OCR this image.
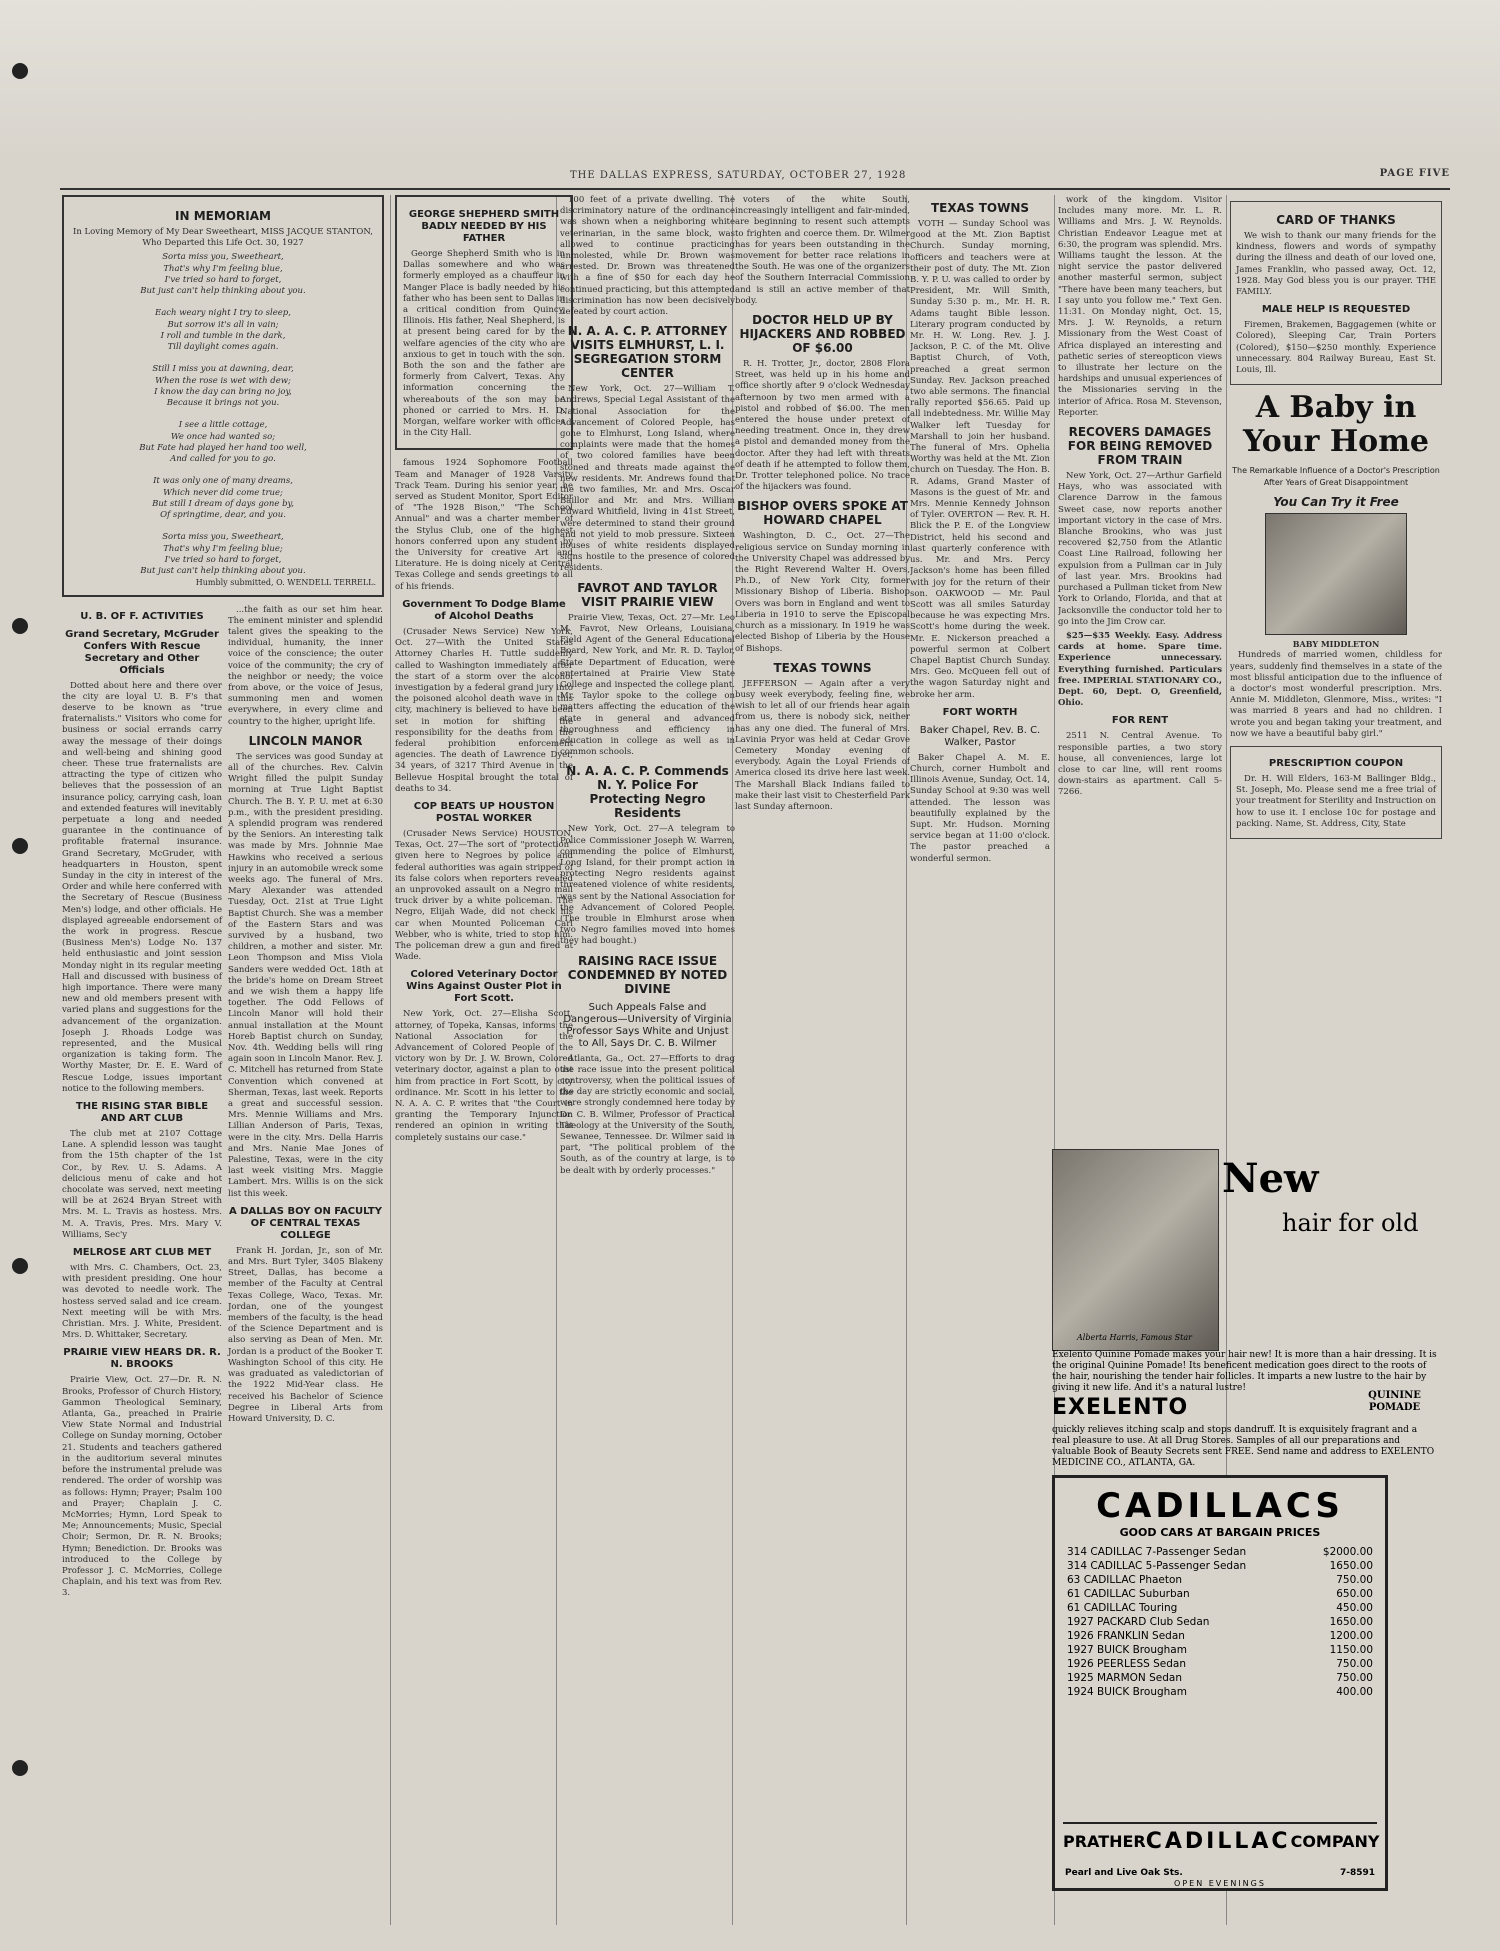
THE DALLAS EXPRESS, SATURDAY, OCTOBER 27, 1928	PAGE FIVE
IN MEMORIAM

In Loving Memory of My Dear Sweetheart, MISS JACQUE STANTON, Who Departed this Life Oct. 30, 1927

Sorta miss you, Sweetheart,
That's why I'm feeling blue,
I've tried so hard to forget,
But just can't help thinking about you.

Each weary night I try to sleep,
But sorrow it's all in vain;
I roll and tumble in the dark,
Till daylight comes again.

Still I miss you at dawning, dear,
When the rose is wet with dew;
I know the day can bring no joy,
Because it brings not you.

I see a little cottage,
We once had wanted so;
But Fate had played her hand too well,
And called for you to go.

It was only one of many dreams,
Which never did come true;
But still I dream of days gone by,
Of springtime, dear, and you.

Sorta miss you, Sweetheart,
That's why I'm feeling blue;
I've tried so hard to forget,
But just can't help thinking about you.
Humbly submitted, O. WENDELL TERRELL.
U. B. OF F. ACTIVITIES
Grand Secretary, McGruder Confers With Rescue Secretary and Other Officials

Dotted about here and there over the city are loyal U. B. F's that deserve to be known as "true fraternalists." Visitors who come for business or social errands carry away the message of their doings and well-being and shining good cheer. These true fraternalists are attracting the type of citizen who believes that the possession of an insurance policy, carrying cash, loan and extended features will inevitably perpetuate a long and needed guarantee in the continuance of profitable fraternal insurance. Grand Secretary, McGruder, with headquarters in Houston, spent Sunday in the city in interest of the Order and while here conferred with the Secretary of Rescue (Business Men's) lodge, and other officials. He displayed agreeable endorsement of the work in progress. Rescue (Business Men's) Lodge No. 137 held enthusiastic and joint session Monday night in its regular meeting Hall and discussed with business of high importance. There were many new and old members present with varied plans and suggestions for the advancement of the organization. Joseph J. Rhoads Lodge was represented, and the Musical organization is taking form. The Worthy Master, Dr. E. E. Ward of Rescue Lodge, issues important notice to the following members.

THE RISING STAR BIBLE AND ART CLUB

The club met at 2107 Cottage Lane. A splendid lesson was taught from the 15th chapter of the 1st Cor., by Rev. U. S. Adams. A delicious menu of cake and hot chocolate was served, next meeting will be at 2624 Bryan Street with Mrs. M. L. Travis as hostess. Mrs. M. A. Travis, Pres. Mrs. Mary V. Williams, Sec'y

MELROSE ART CLUB MET

with Mrs. C. Chambers, Oct. 23, with president presiding. One hour was devoted to needle work. The hostess served salad and ice cream. Next meeting will be with Mrs. Christian. Mrs. J. White, President. Mrs. D. Whittaker, Secretary.

PRAIRIE VIEW HEARS DR. R. N. BROOKS

Prairie View, Oct. 27—Dr. R. N. Brooks, Professor of Church History, Gammon Theological Seminary, Atlanta, Ga., preached in Prairie View State Normal and Industrial College on Sunday morning, October 21. Students and teachers gathered in the auditorium several minutes before the instrumental prelude was rendered. The order of worship was as follows: Hymn; Prayer; Psalm 100 and Prayer; Chaplain J. C. McMorries; Hymn, Lord Speak to Me; Announcements; Music, Special Choir; Sermon, Dr. R. N. Brooks; Hymn; Benediction. Dr. Brooks was introduced to the College by Professor J. C. McMorries, College Chaplain, and his text was from Rev. 3.

...the faith as our set him hear. The eminent minister and splendid talent gives the speaking to the individual, humanity, the inner voice of the conscience; the outer voice of the community; the cry of the neighbor or needy; the voice from above, or the voice of Jesus, summoning men and women everywhere, in every clime and country to the higher, upright life.

LINCOLN MANOR

The services was good Sunday at all of the churches. Rev. Calvin Wright filled the pulpit Sunday morning at True Light Baptist Church. The B. Y. P. U. met at 6:30 p.m., with the president presiding. A splendid program was rendered by the Seniors. An interesting talk was made by Mrs. Johnnie Mae Hawkins who received a serious injury in an automobile wreck some weeks ago. The funeral of Mrs. Mary Alexander was attended Tuesday, Oct. 21st at True Light Baptist Church. She was a member of the Eastern Stars and was survived by a husband, two children, a mother and sister. Mr. Leon Thompson and Miss Viola Sanders were wedded Oct. 18th at the bride's home on Dream Street and we wish them a happy life together. The Odd Fellows of Lincoln Manor will hold their annual installation at the Mount Horeb Baptist church on Sunday, Nov. 4th. Wedding bells will ring again soon in Lincoln Manor. Rev. J. C. Mitchell has returned from State Convention which convened at Sherman, Texas, last week. Reports a great and successful session. Mrs. Mennie Williams and Mrs. Lillian Anderson of Paris, Texas, were in the city. Mrs. Della Harris and Mrs. Nanie Mae Jones of Palestine, Texas, were in the city last week visiting Mrs. Maggie Lambert. Mrs. Willis is on the sick list this week.

A DALLAS BOY ON FACULTY OF CENTRAL TEXAS COLLEGE

Frank H. Jordan, Jr., son of Mr. and Mrs. Burt Tyler, 3405 Blakeny Street, Dallas, has become a member of the Faculty at Central Texas College, Waco, Texas. Mr. Jordan, one of the youngest members of the faculty, is the head of the Science Department and is also serving as Dean of Men. Mr. Jordan is a product of the Booker T. Washington School of this city. He was graduated as valedictorian of the 1922 Mid-Year class. He received his Bachelor of Science Degree in Liberal Arts from Howard University, D. C.

GEORGE SHEPHERD SMITH BADLY NEEDED BY HIS FATHER

George Shepherd Smith who is in Dallas somewhere and who was formerly employed as a chauffeur in Manger Place is badly needed by his father who has been sent to Dallas in a critical condition from Quincy, Illinois. His father, Neal Shepherd, is at present being cared for by the welfare agencies of the city who are anxious to get in touch with the son. Both the son and the father are formerly from Calvert, Texas. Any information concerning the whereabouts of the son may be phoned or carried to Mrs. H. D. Morgan, welfare worker with offices in the City Hall.

famous 1924 Sophomore Football Team and Manager of 1928 Varsity Track Team. During his senior year, he served as Student Monitor, Sport Editor of "The 1928 Bison," "The School Annual" and was a charter member of the Stylus Club, one of the highest honors conferred upon any student by the University for creative Art and Literature. He is doing nicely at Central Texas College and sends greetings to all of his friends.

Government To Dodge Blame of Alcohol Deaths

(Crusader News Service) New York, Oct. 27—With the United States Attorney Charles H. Tuttle suddenly called to Washington immediately after the start of a storm over the alcohol investigation by a federal grand jury into the poisoned alcohol death wave in this city, machinery is believed to have been set in motion for shifting the responsibility for the deaths from the federal prohibition enforcement agencies. The death of Lawrence Dyer, 34 years, of 3217 Third Avenue in the Bellevue Hospital brought the total of deaths to 34.

COP BEATS UP HOUSTON POSTAL WORKER

(Crusader News Service) HOUSTON, Texas, Oct. 27—The sort of "protection" given here to Negroes by police and federal authorities was again stripped of its false colors when reporters revealed an unprovoked assault on a Negro mail truck driver by a white policeman. The Negro, Elijah Wade, did not check his car when Mounted Policeman Carl Webber, who is white, tried to stop him. The policeman drew a gun and fired at Wade.

Colored Veterinary Doctor Wins Against Ouster Plot in Fort Scott.

New York, Oct. 27—Elisha Scott, attorney, of Topeka, Kansas, informs the National Association for the Advancement of Colored People of the victory won by Dr. J. W. Brown, Colored veterinary doctor, against a plan to oust him from practice in Fort Scott, by city ordinance. Mr. Scott in his letter to the N. A. A. C. P. writes that "the Court in granting the Temporary Injunction rendered an opinion in writing that completely sustains our case."

100 feet of a private dwelling. The discriminatory nature of the ordinance was shown when a neighboring white veterinarian, in the same block, was allowed to continue practicing unmolested, while Dr. Brown was arrested. Dr. Brown was threatened with a fine of $50 for each day he continued practicing, but this attempted discrimination has now been decisively defeated by court action.

N. A. A. C. P. ATTORNEY VISITS ELMHURST, L. I. SEGREGATION STORM CENTER

New York, Oct. 27—William T. Andrews, Special Legal Assistant of the National Association for the Advancement of Colored People, has gone to Elmhurst, Long Island, where complaints were made that the homes of two colored families have been stoned and threats made against the new residents. Mr. Andrews found that the two families, Mr. and Mrs. Oscar Baillor and Mr. and Mrs. William Edward Whitfield, living in 41st Street, were determined to stand their ground and not yield to mob pressure. Sixteen houses of white residents displayed signs hostile to the presence of colored residents.

FAVROT AND TAYLOR VISIT PRAIRIE VIEW

Prairie View, Texas, Oct. 27—Mr. Leo M. Favrot, New Orleans, Louisiana, Field Agent of the General Educational Board, New York, and Mr. R. D. Taylor, State Department of Education, were entertained at Prairie View State College and inspected the college plant. Mr. Taylor spoke to the college on matters affecting the education of the state in general and advanced thoroughness and efficiency in education in college as well as in common schools.

N. A. A. C. P. Commends N. Y. Police For Protecting Negro Residents

New York, Oct. 27—A telegram to Police Commissioner Joseph W. Warren, commending the police of Elmhurst, Long Island, for their prompt action in protecting Negro residents against threatened violence of white residents, was sent by the National Association for the Advancement of Colored People. (The trouble in Elmhurst arose when two Negro families moved into homes they had bought.)

RAISING RACE ISSUE CONDEMNED BY NOTED DIVINE
Such Appeals False and Dangerous—University of Virginia Professor Says White and Unjust to All, Says Dr. C. B. Wilmer

Atlanta, Ga., Oct. 27—Efforts to drag the race issue into the present political controversy, when the political issues of the day are strictly economic and social, were strongly condemned here today by Dr. C. B. Wilmer, Professor of Practical Theology at the University of the South, Sewanee, Tennessee. Dr. Wilmer said in part, "The political problem of the South, as of the country at large, is to be dealt with by orderly processes."

voters of the white South, increasingly intelligent and fair-minded, are beginning to resent such attempts to frighten and coerce them. Dr. Wilmer has for years been outstanding in the movement for better race relations in the South. He was one of the organizers of the Southern Interracial Commission and is still an active member of that body.

DOCTOR HELD UP BY HIJACKERS AND ROBBED OF $6.00

R. H. Trotter, Jr., doctor, 2808 Flora Street, was held up in his home and office shortly after 9 o'clock Wednesday afternoon by two men armed with a pistol and robbed of $6.00. The men entered the house under pretext of needing treatment. Once in, they drew a pistol and demanded money from the doctor. After they had left with threats of death if he attempted to follow them, Dr. Trotter telephoned police. No trace of the hijackers was found.

BISHOP OVERS SPOKE AT HOWARD CHAPEL

Washington, D. C., Oct. 27—The religious service on Sunday morning in the University Chapel was addressed by the Right Reverend Walter H. Overs, Ph.D., of New York City, former Missionary Bishop of Liberia. Bishop Overs was born in England and went to Liberia in 1910 to serve the Episcopal church as a missionary. In 1919 he was elected Bishop of Liberia by the House of Bishops.

TEXAS TOWNS

JEFFERSON — Again after a very busy week everybody, feeling fine, we wish to let all of our friends hear again from us, there is nobody sick, neither has any one died. The funeral of Mrs. Lavinia Pryor was held at Cedar Grove Cemetery Monday evening of everybody. Again the Loyal Friends of America closed its drive here last week. The Marshall Black Indians failed to make their last visit to Chesterfield Park last Sunday afternoon.

TEXAS TOWNS

VOTH — Sunday School was good at the Mt. Zion Baptist Church. Sunday morning, officers and teachers were at their post of duty. The Mt. Zion B. Y. P. U. was called to order by President, Mr. Will Smith, Sunday 5:30 p. m., Mr. H. R. Adams taught Bible lesson. Literary program conducted by Mr. H. W. Long. Rev. J. J. Jackson, P. C. of the Mt. Olive Baptist Church, of Voth, preached a great sermon Sunday. Rev. Jackson preached two able sermons. The financial rally reported $56.65. Paid up all indebtedness. Mr. Willie May Walker left Tuesday for Marshall to join her husband. The funeral of Mrs. Ophelia Worthy was held at the Mt. Zion church on Tuesday. The Hon. B. R. Adams, Grand Master of Masons is the guest of Mr. and Mrs. Mennie Kennedy Johnson of Tyler. OVERTON — Rev. R. H. Blick the P. E. of the Longview District, held his second and last quarterly conference with us. Mr. and Mrs. Percy Jackson's home has been filled with joy for the return of their son. OAKWOOD — Mr. Paul Scott was all smiles Saturday because he was expecting Mrs. Scott's home during the week. Mr. E. Nickerson preached a powerful sermon at Colbert Chapel Baptist Church Sunday. Mrs. Geo. McQueen fell out of the wagon Saturday night and broke her arm.

FORT WORTH
Baker Chapel, Rev. B. C. Walker, Pastor

Baker Chapel A. M. E. Church, corner Humbolt and Illinois Avenue, Sunday, Oct. 14, Sunday School at 9:30 was well attended. The lesson was beautifully explained by the Supt. Mr. Hudson. Morning service began at 11:00 o'clock. The pastor preached a wonderful sermon.

work of the kingdom. Visitor Includes many more. Mr. L. R. Williams and Mrs. J. W. Reynolds. Christian Endeavor League met at 6:30, the program was splendid. Mrs. Williams taught the lesson. At the night service the pastor delivered another masterful sermon, subject "There have been many teachers, but I say unto you follow me." Text Gen. 11:31. On Monday night, Oct. 15, Mrs. J. W. Reynolds, a return Missionary from the West Coast of Africa displayed an interesting and pathetic series of stereopticon views to illustrate her lecture on the hardships and unusual experiences of the Missionaries serving in the interior of Africa. Rosa M. Stevenson, Reporter.

RECOVERS DAMAGES FOR BEING REMOVED FROM TRAIN

New York, Oct. 27—Arthur Garfield Hays, who was associated with Clarence Darrow in the famous Sweet case, now reports another important victory in the case of Mrs. Blanche Brookins, who was just recovered $2,750 from the Atlantic Coast Line Railroad, following her expulsion from a Pullman car in July of last year. Mrs. Brookins had purchased a Pullman ticket from New York to Orlando, Florida, and that at Jacksonville the conductor told her to go into the Jim Crow car.

$25—$35 Weekly. Easy. Address cards at home. Spare time. Experience unnecessary. Everything furnished. Particulars free. IMPERIAL STATIONARY CO., Dept. 60, Dept. O, Greenfield, Ohio.

FOR RENT

2511 N. Central Avenue. To responsible parties, a two story house, all conveniences, large lot close to car line, will rent rooms down-stairs as apartment. Call 5-7266.

CARD OF THANKS

We wish to thank our many friends for the kindness, flowers and words of sympathy during the illness and death of our loved one, James Franklin, who passed away, Oct. 12, 1928. May God bless you is our prayer. THE FAMILY.

MALE HELP IS REQUESTED

Firemen, Brakemen, Baggagemen (white or Colored), Sleeping Car, Train Porters (Colored), $150—$250 monthly. Experience unnecessary. 804 Railway Bureau, East St. Louis, Ill.

A Baby in Your Home
The Remarkable Influence of a Doctor's Prescription After Years of Great Disappointment
You Can Try it Free
BABY MIDDLETON

Hundreds of married women, childless for years, suddenly find themselves in a state of the most blissful anticipation due to the influence of a doctor's most wonderful prescription. Mrs. Annie M. Middleton, Glenmore, Miss., writes: "I was married 8 years and had no children. I wrote you and began taking your treatment, and now we have a beautiful baby girl."

PRESCRIPTION COUPON

Dr. H. Will Elders, 163-M Ballinger Bldg., St. Joseph, Mo. Please send me a free trial of your treatment for Sterility and Instruction on how to use it. I enclose 10c for postage and packing. Name, St. Address, City, State

Alberta Harris, Famous Star
New
hair for old
Exelento Quinine Pomade makes your hair new! It is more than a hair dressing. It is the original Quinine Pomade! Its beneficent medication goes direct to the roots of the hair, nourishing the tender hair follicles. It imparts a new lustre to the hair by giving it new life. And it's a natural lustre!
EXELENTO	QUININE POMADE
quickly relieves itching scalp and stops dandruff. It is exquisitely fragrant and a real pleasure to use. At all Drug Stores. Samples of all our preparations and valuable Book of Beauty Secrets sent FREE. Send name and address to EXELENTO MEDICINE CO., ATLANTA, GA.
CADILLACS
GOOD CARS AT BARGAIN PRICES
314 CADILLAC 7-Passenger Sedan	$2000.00
314 CADILLAC 5-Passenger Sedan	1650.00
63 CADILLAC Phaeton	750.00
61 CADILLAC Suburban	650.00
61 CADILLAC Touring	450.00
1927 PACKARD Club Sedan	1650.00
1926 FRANKLIN Sedan	1200.00
1927 BUICK Brougham	1150.00
1926 PEERLESS Sedan	750.00
1925 MARMON Sedan	750.00
1924 BUICK Brougham	400.00
PRATHER CADILLAC COMPANY
Pearl and Live Oak Sts.	7-8591
OPEN EVENINGS
